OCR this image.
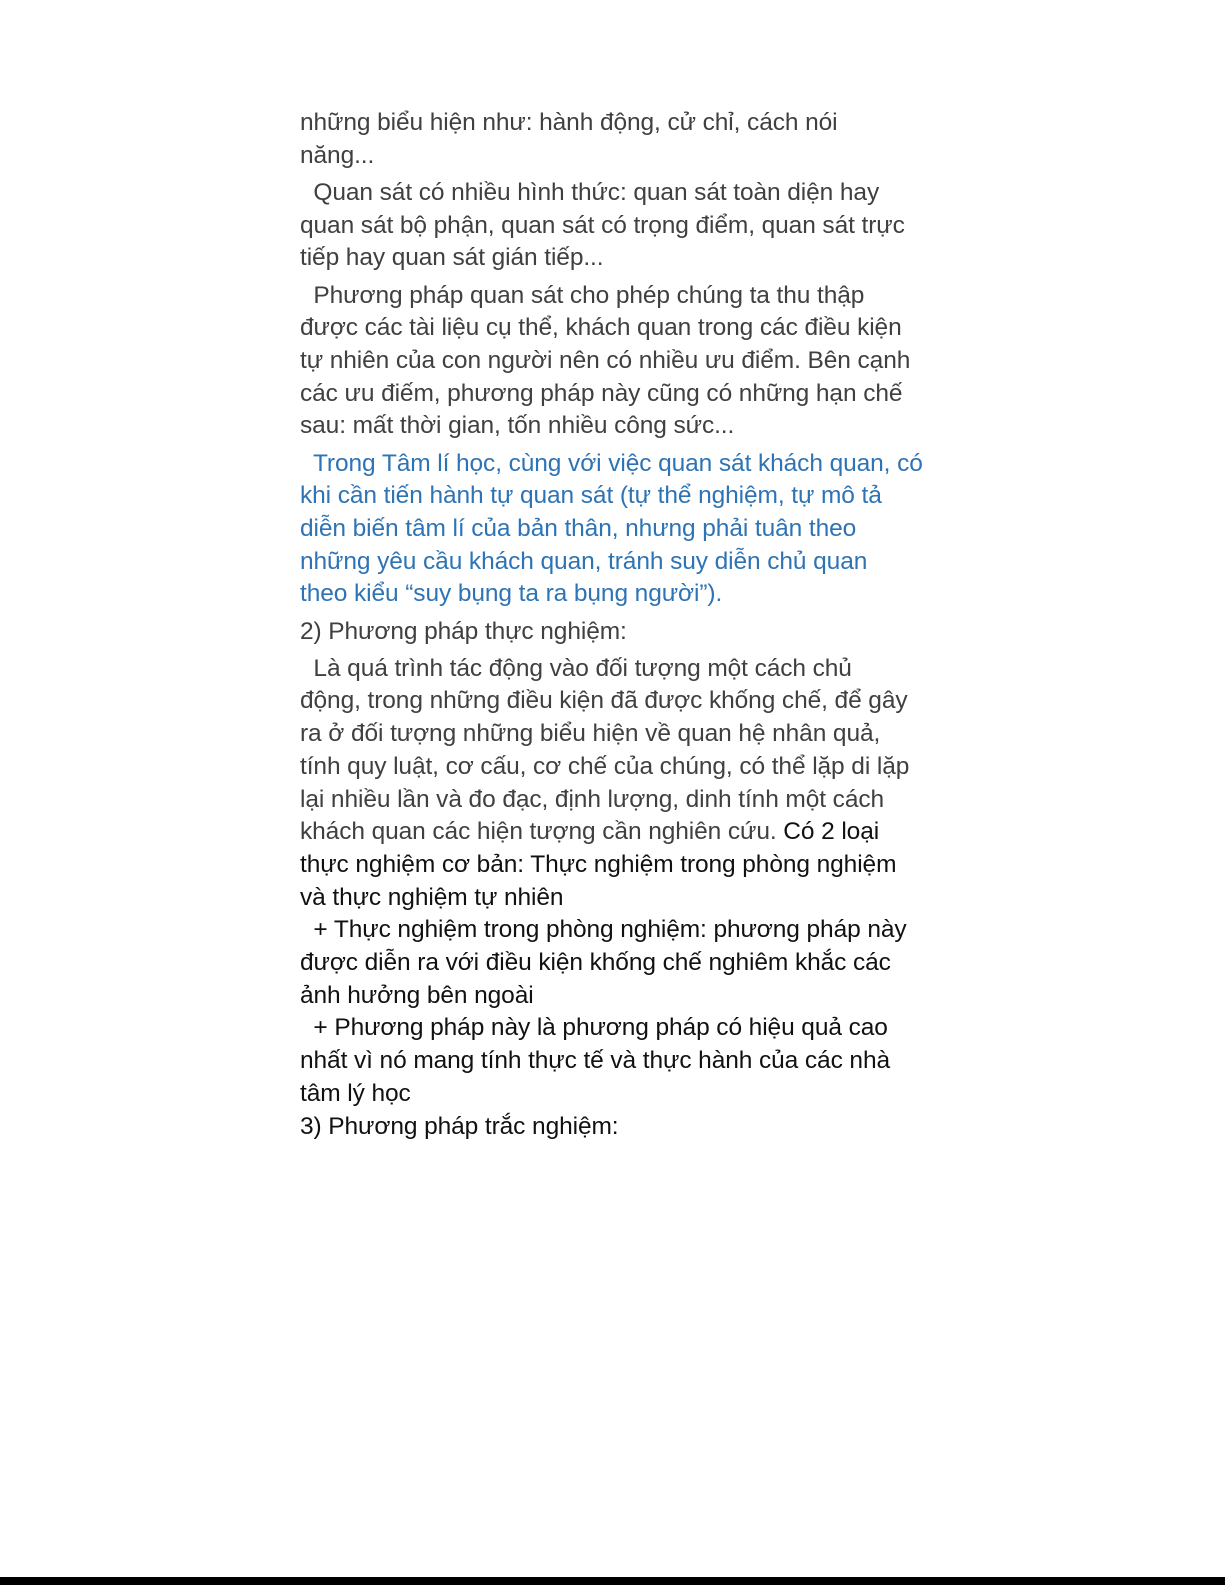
những biểu hiện như: hành động, cử chỉ, cách nói
năng...

Quan sát có nhiều hình thức: quan sát toàn diện hay
quan sát bộ phận, quan sát có trọng điểm, quan sát trực
tiếp hay quan sát gián tiếp...

Phương pháp quan sát cho phép chúng ta thu thập
được các tài liệu cụ thể, khách quan trong các điều kiện
tự nhiên của con người nên có nhiều ưu điểm. Bên cạnh
các ưu điếm, phương pháp này cũng có những hạn chế
sau: mất thời gian, tốn nhiều công sức...

Trong Tâm lí học, cùng với việc quan sát khách quan, có
khi cần tiến hành tự quan sát (tự thể nghiệm, tự mô tả
diễn biến tâm lí của bản thân, nhưng phải tuân theo
những yêu cầu khách quan, tránh suy diễn chủ quan
theo kiểu “suy bụng ta ra bụng người”).

2) Phương pháp thực nghiệm:

Là quá trình tác động vào đối tượng một cách chủ
động, trong những điều kiện đã được khống chế, để gây
ra ở đối tượng những biểu hiện về quan hệ nhân quả,
tính quy luật, cơ cấu, cơ chế của chúng, có thể lặp di lặp
lại nhiều lần và đo đạc, định lượng, dinh tính một cách
khách quan các hiện tượng cần nghiên cứu. Có 2 loại
thực nghiệm cơ bản: Thực nghiệm trong phòng nghiệm
và thực nghiệm tự nhiên
+ Thực nghiệm trong phòng nghiệm: phương pháp này
được diễn ra với điều kiện khống chế nghiêm khắc các
ảnh hưởng bên ngoài
+ Phương pháp này là phương pháp có hiệu quả cao
nhất vì nó mang tính thực tế và thực hành của các nhà
tâm lý học
3) Phương pháp trắc nghiệm:
